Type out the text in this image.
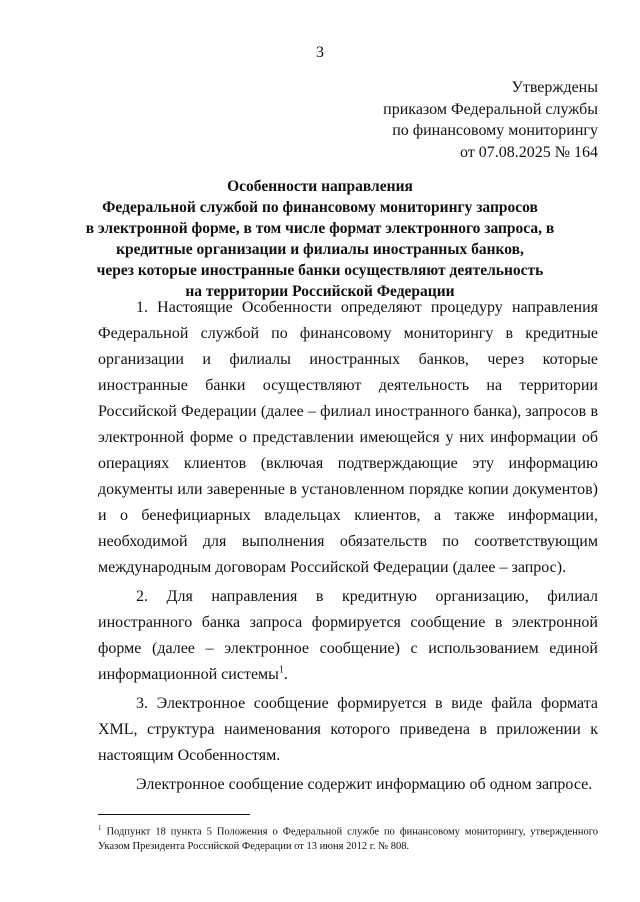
3
Утверждены
приказом Федеральной службы
по финансовому мониторингу
от 07.08.2025 № 164
Особенности направления
Федеральной службой по финансовому мониторингу запросов
в электронной форме, в том числе формат электронного запроса, в
кредитные организации и филиалы иностранных банков,
через которые иностранные банки осуществляют деятельность
на территории Российской Федерации

1. Настоящие Особенности определяют процедуру направления Федеральной службой по финансовому мониторингу в кредитные организации и филиалы иностранных банков, через которые иностранные банки осуществляют деятельность на территории Российской Федерации (далее – филиал иностранного банка), запросов в электронной форме о представлении имеющейся у них информации об операциях клиентов (включая подтверждающие эту информацию документы или заверенные в установленном порядке копии документов) и о бенефициарных владельцах клиентов, а также информации, необходимой для выполнения обязательств по соответствующим международным договорам Российской Федерации (далее – запрос).

2. Для направления в кредитную организацию, филиал иностранного банка запроса формируется сообщение в электронной форме (далее – электронное сообщение) с использованием единой информационной системы$^1$.

3. Электронное сообщение формируется в виде файла формата XML, структура наименования которого приведена в приложении к настоящим Особенностям.

Электронное сообщение содержит информацию об одном запросе.

$^1$ Подпункт 18 пункта 5 Положения о Федеральной службе по финансовому мониторингу, утвержденного Указом Президента Российской Федерации от 13 июня 2012 г. № 808.
